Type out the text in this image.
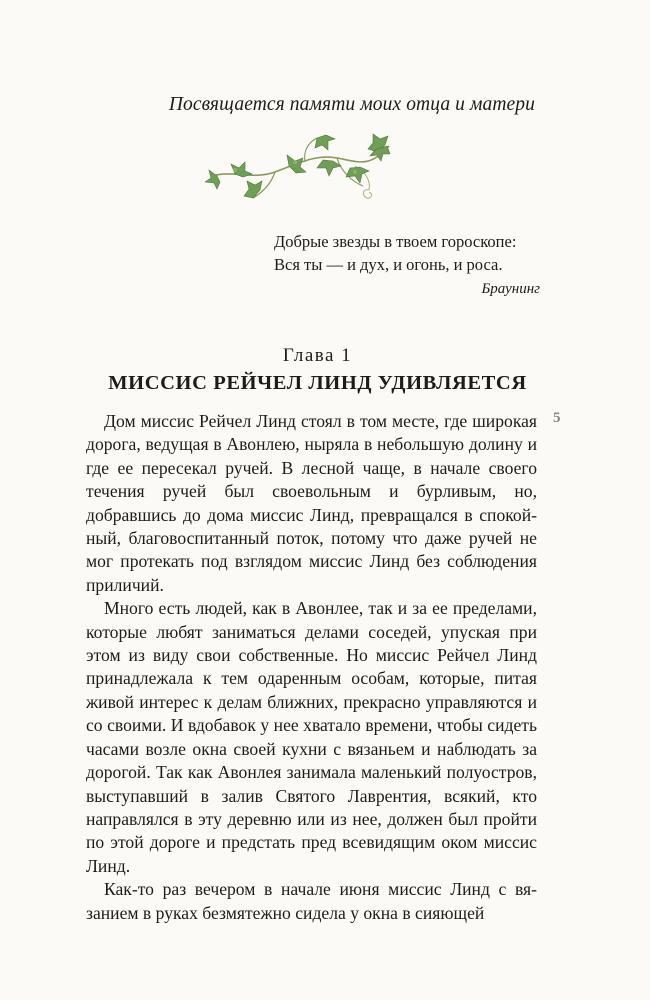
Посвящается памяти моих отца и матери
Добрые звезды в твоем гороскопе:
Вся ты — и дух, и огонь, и роса.
Браунинг
Глава 1
МИССИС РЕЙЧЕЛ ЛИНД УДИВЛЯЕТСЯ
5

Дом миссис Рейчел Линд стоял в том месте, где широкая дорога, ведущая в Авонлею, ныряла в небольшую долину и где ее пересекал ручей. В лесной чаще, в начале своего течения ручей был своевольным и бурливым, но, добравшись до дома миссис Линд, превращался в спокойный, благовоспитанный поток, потому что даже ручей не мог протекать под взглядом миссис Линд без соблюдения приличий.

Много есть людей, как в Авонлее, так и за ее пределами, которые любят заниматься делами соседей, упуская при этом из виду свои собственные. Но миссис Рейчел Линд принадлежала к тем одаренным особам, которые, питая живой интерес к делам ближних, прекрасно управляются и со своими. И вдобавок у нее хватало времени, чтобы сидеть часами возле окна своей кухни с вязаньем и наблюдать за дорогой. Так как Авонлея занимала маленький полуостров, выступавший в залив Святого Лаврентия, всякий, кто направлялся в эту деревню или из нее, должен был пройти по этой дороге и предстать пред всевидящим оком миссис Линд.

Как-то раз вечером в начале июня миссис Линд с вязанием в руках безмятежно сидела у окна в сияющей
